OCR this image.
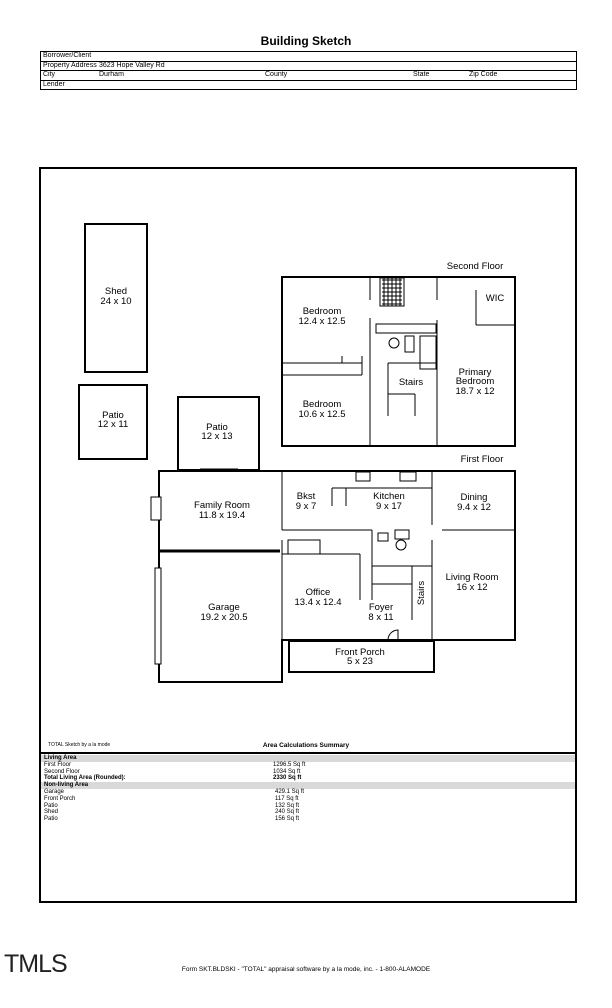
Building Sketch
Borrower/Client
Property Address 3623 Hope Valley Rd
City	Durham	County	State	Zip Code
Lender
Second Floor
First Floor
Shed
24 x 10
Patio
12 x 11	Patio
12 x 13
Bedroom
12.4 x 12.5
Bedroom
10.6 x 12.5
WIC
Primary
Bedroom
18.7 x 12
Stairs
Family Room
11.8 x 19.4
Bkst
9 x 7
Kitchen
9 x 17
Dining
9.4 x 12
Garage
19.2 x 20.5
Office
13.4 x 12.4	Foyer
8 x 11
Living Room
16 x 12
Front Porch
5 x 23
Stairs
TOTAL Sketch by a la mode	Area Calculations Summary
Living Area
First Floor	1296.5 Sq ft
Second Floor	1034 Sq ft
Total Living Area (Rounded):	2330 Sq ft
Non-living Area
Garage	429.1 Sq ft
Front Porch	117 Sq ft
Patio	132 Sq ft
Shed	240 Sq ft
Patio	156 Sq ft
TMLS	Form SKT.BLDSKI - "TOTAL" appraisal software by a la mode, inc. - 1-800-ALAMODE
